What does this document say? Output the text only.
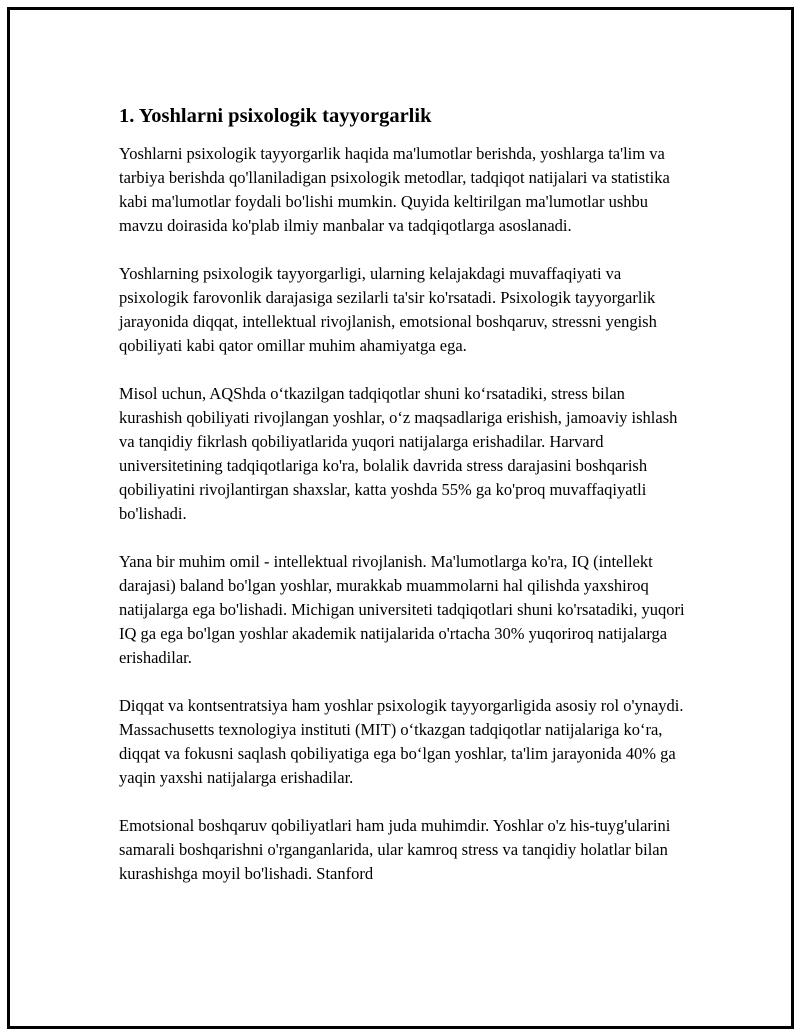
1. Yoshlarni psixologik tayyorgarlik

Yoshlarni psixologik tayyorgarlik haqida ma'lumotlar berishda, yoshlarga ta'lim va tarbiya berishda qo'llaniladigan psixologik metodlar, tadqiqot natijalari va statistika kabi ma'lumotlar foydali bo'lishi mumkin. Quyida keltirilgan ma'lumotlar ushbu mavzu doirasida ko'plab ilmiy manbalar va tadqiqotlarga asoslanadi.

Yoshlarning psixologik tayyorgarligi, ularning kelajakdagi muvaffaqiyati va psixologik farovonlik darajasiga sezilarli ta'sir ko'rsatadi. Psixologik tayyorgarlik jarayonida diqqat, intellektual rivojlanish, emotsional boshqaruv, stressni yengish qobiliyati kabi qator omillar muhim ahamiyatga ega.

Misol uchun, AQShda oʻtkazilgan tadqiqotlar shuni koʻrsatadiki, stress bilan kurashish qobiliyati rivojlangan yoshlar, oʻz maqsadlariga erishish, jamoaviy ishlash va tanqidiy fikrlash qobiliyatlarida yuqori natijalarga erishadilar. Harvard universitetining tadqiqotlariga ko'ra, bolalik davrida stress darajasini boshqarish qobiliyatini rivojlantirgan shaxslar, katta yoshda 55% ga ko'proq muvaffaqiyatli bo'lishadi.

Yana bir muhim omil - intellektual rivojlanish. Ma'lumotlarga ko'ra, IQ (intellekt darajasi) baland bo'lgan yoshlar, murakkab muammolarni hal qilishda yaxshiroq natijalarga ega bo'lishadi. Michigan universiteti tadqiqotlari shuni ko'rsatadiki, yuqori IQ ga ega bo'lgan yoshlar akademik natijalarida o'rtacha 30% yuqoriroq natijalarga erishadilar.

Diqqat va kontsentratsiya ham yoshlar psixologik tayyorgarligida asosiy rol o'ynaydi. Massachusetts texnologiya instituti (MIT) oʻtkazgan tadqiqotlar natijalariga koʻra, diqqat va fokusni saqlash qobiliyatiga ega boʻlgan yoshlar, ta'lim jarayonida 40% ga yaqin yaxshi natijalarga erishadilar.

Emotsional boshqaruv qobiliyatlari ham juda muhimdir. Yoshlar o'z his-tuyg'ularini samarali boshqarishni o'rganganlarida, ular kamroq stress va tanqidiy holatlar bilan kurashishga moyil bo'lishadi. Stanford
